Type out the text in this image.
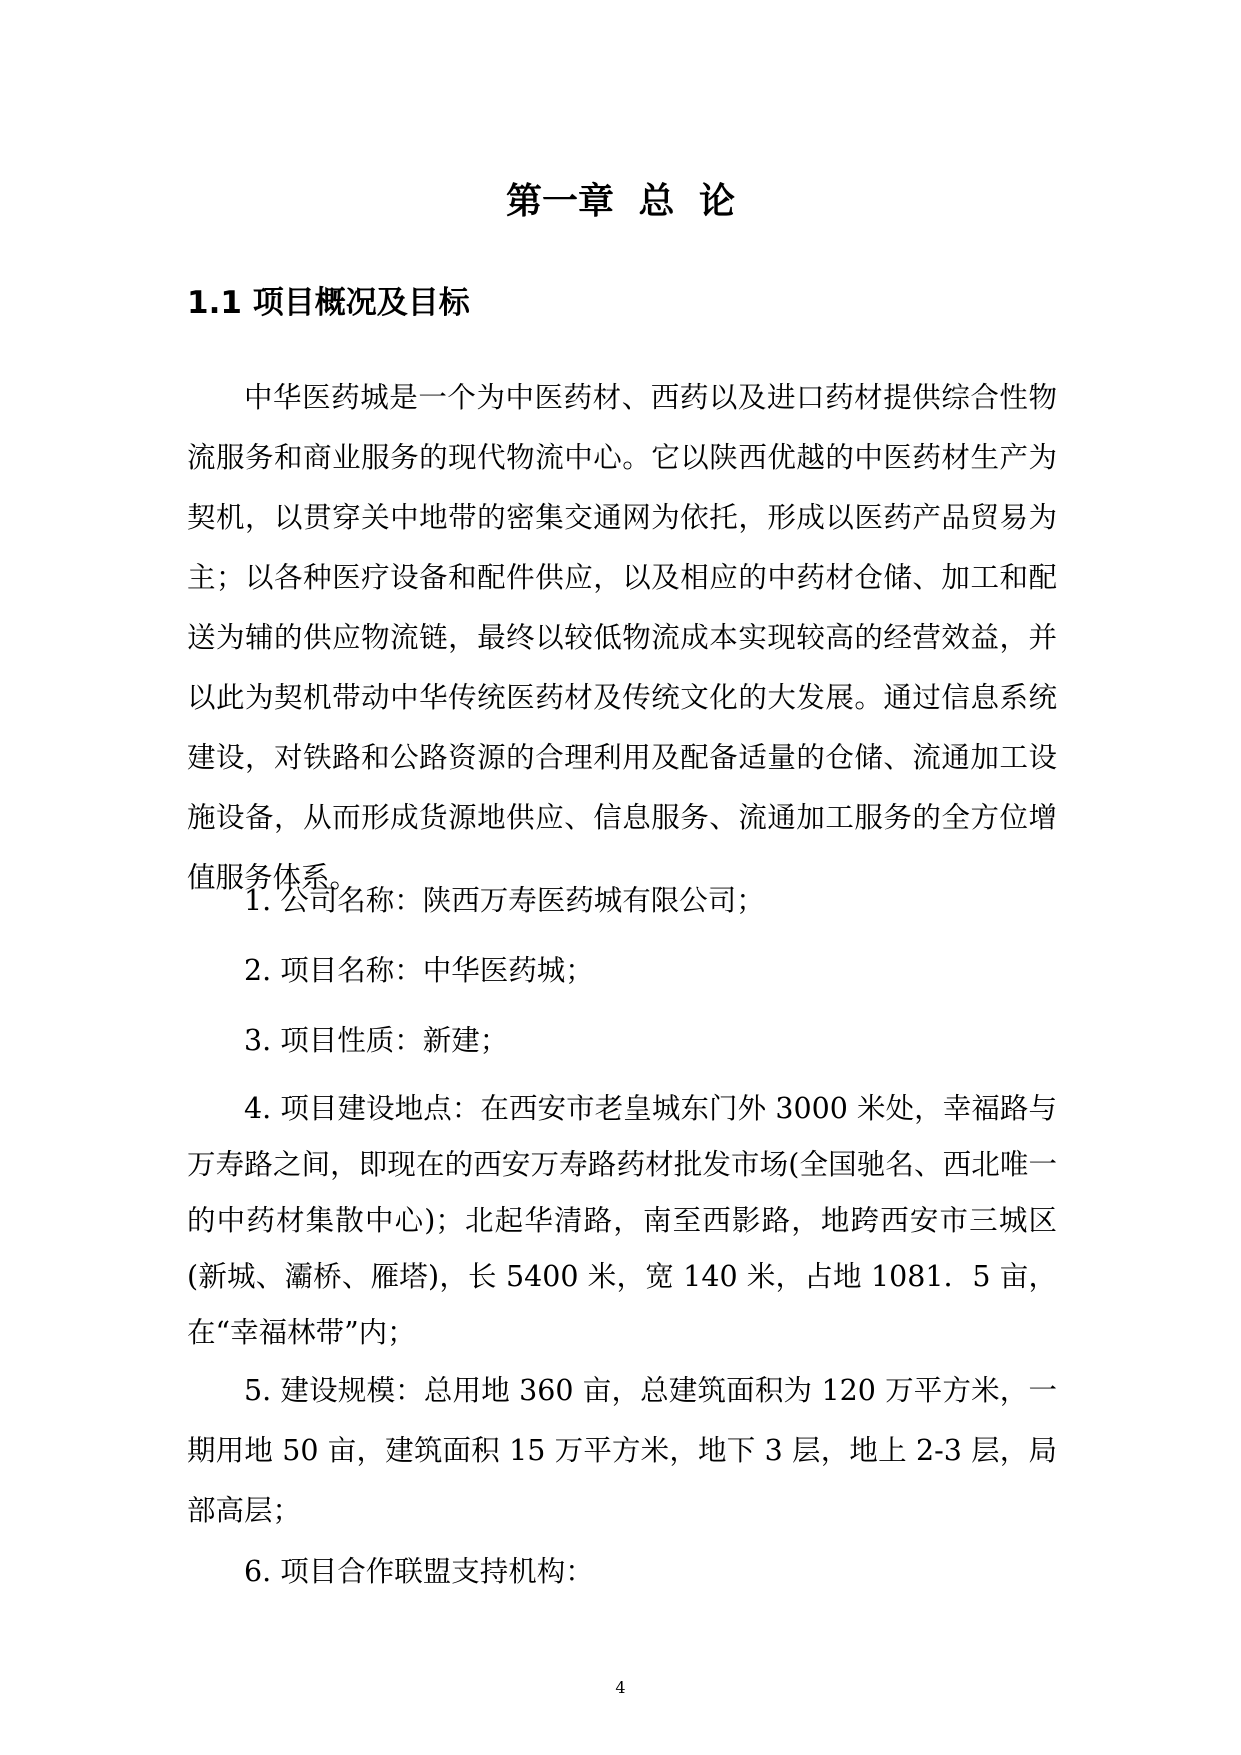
第一章 总 论
1.1 项目概况及目标

中华医药城是一个为中医药材、西药以及进口药材提供综合性物流服务和商业服务的现代物流中心。它以陕西优越的中医药材生产为契机，以贯穿关中地带的密集交通网为依托，形成以医药产品贸易为主；以各种医疗设备和配件供应，以及相应的中药材仓储、加工和配送为辅的供应物流链，最终以较低物流成本实现较高的经营效益，并以此为契机带动中华传统医药材及传统文化的大发展。通过信息系统建设，对铁路和公路资源的合理利用及配备适量的仓储、流通加工设施设备，从而形成货源地供应、信息服务、流通加工服务的全方位增值服务体系。

1. 公司名称：陕西万寿医药城有限公司；

2. 项目名称：中华医药城；

3. 项目性质：新建；

4. 项目建设地点：在西安市老皇城东门外 3000 米处，幸福路与万寿路之间，即现在的西安万寿路药材批发市场(全国驰名、西北唯一的中药材集散中心)；北起华清路，南至西影路，地跨西安市三城区(新城、灞桥、雁塔)，长 5400 米，宽 140 米，占地 1081．5 亩，在“幸福林带”内；

5. 建设规模：总用地 360 亩，总建筑面积为 120 万平方米，一期用地 50 亩，建筑面积 15 万平方米，地下 3 层，地上 2-3 层，局部高层；

6. 项目合作联盟支持机构：

4
